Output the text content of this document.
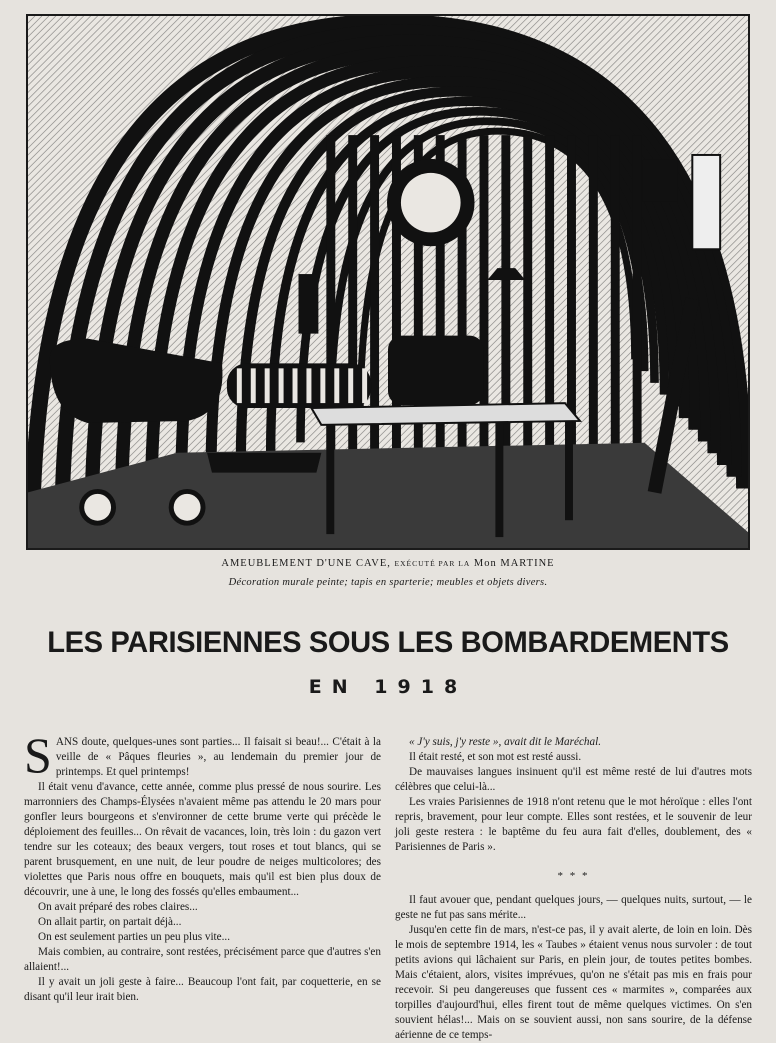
AMEUBLEMENT D'UNE CAVE, EXÉCUTÉ PAR LA Mon MARTINE
Décoration murale peinte; tapis en sparterie; meubles et objets divers.
LES PARISIENNES SOUS LES BOMBARDEMENTS
EN 1918

SANS doute, quelques-unes sont parties... Il faisait si beau!... C'était à la veille de « Pâques fleuries », au lendemain du premier jour de printemps. Et quel printemps!

Il était venu d'avance, cette année, comme plus pressé de nous sourire. Les marronniers des Champs-Élysées n'avaient même pas attendu le 20 mars pour gonfler leurs bourgeons et s'environner de cette brume verte qui précède le déploiement des feuilles... On rêvait de vacances, loin, très loin : du gazon vert tendre sur les coteaux; des beaux vergers, tout roses et tout blancs, qui se parent brusquement, en une nuit, de leur poudre de neiges multicolores; des violettes que Paris nous offre en bouquets, mais qu'il est bien plus doux de découvrir, une à une, le long des fossés qu'elles embaument...

On avait préparé des robes claires...

On allait partir, on partait déjà...

On est seulement parties un peu plus vite...

Mais combien, au contraire, sont restées, précisément parce que d'autres s'en allaient!...

Il y avait un joli geste à faire... Beaucoup l'ont fait, par coquetterie, en se disant qu'il leur irait bien.

« J'y suis, j'y reste », avait dit le Maréchal.

Il était resté, et son mot est resté aussi.

De mauvaises langues insinuent qu'il est même resté de lui d'autres mots célèbres que celui-là...

Les vraies Parisiennes de 1918 n'ont retenu que le mot héroïque : elles l'ont repris, bravement, pour leur compte. Elles sont restées, et le souvenir de leur joli geste restera : le baptême du feu aura fait d'elles, doublement, des « Parisiennes de Paris ».

* * *

Il faut avouer que, pendant quelques jours, — quelques nuits, surtout, — le geste ne fut pas sans mérite...

Jusqu'en cette fin de mars, n'est-ce pas, il y avait alerte, de loin en loin. Dès le mois de septembre 1914, les « Taubes » étaient venus nous survoler : de tout petits avions qui lâchaient sur Paris, en plein jour, de toutes petites bombes. Mais c'étaient, alors, visites imprévues, qu'on ne s'était pas mis en frais pour recevoir. Si peu dangereuses que fussent ces « marmites », comparées aux torpilles d'aujourd'hui, elles firent tout de même quelques victimes. On s'en souvient hélas!... Mais on se souvient aussi, non sans sourire, de la défense aérienne de ce temps-
